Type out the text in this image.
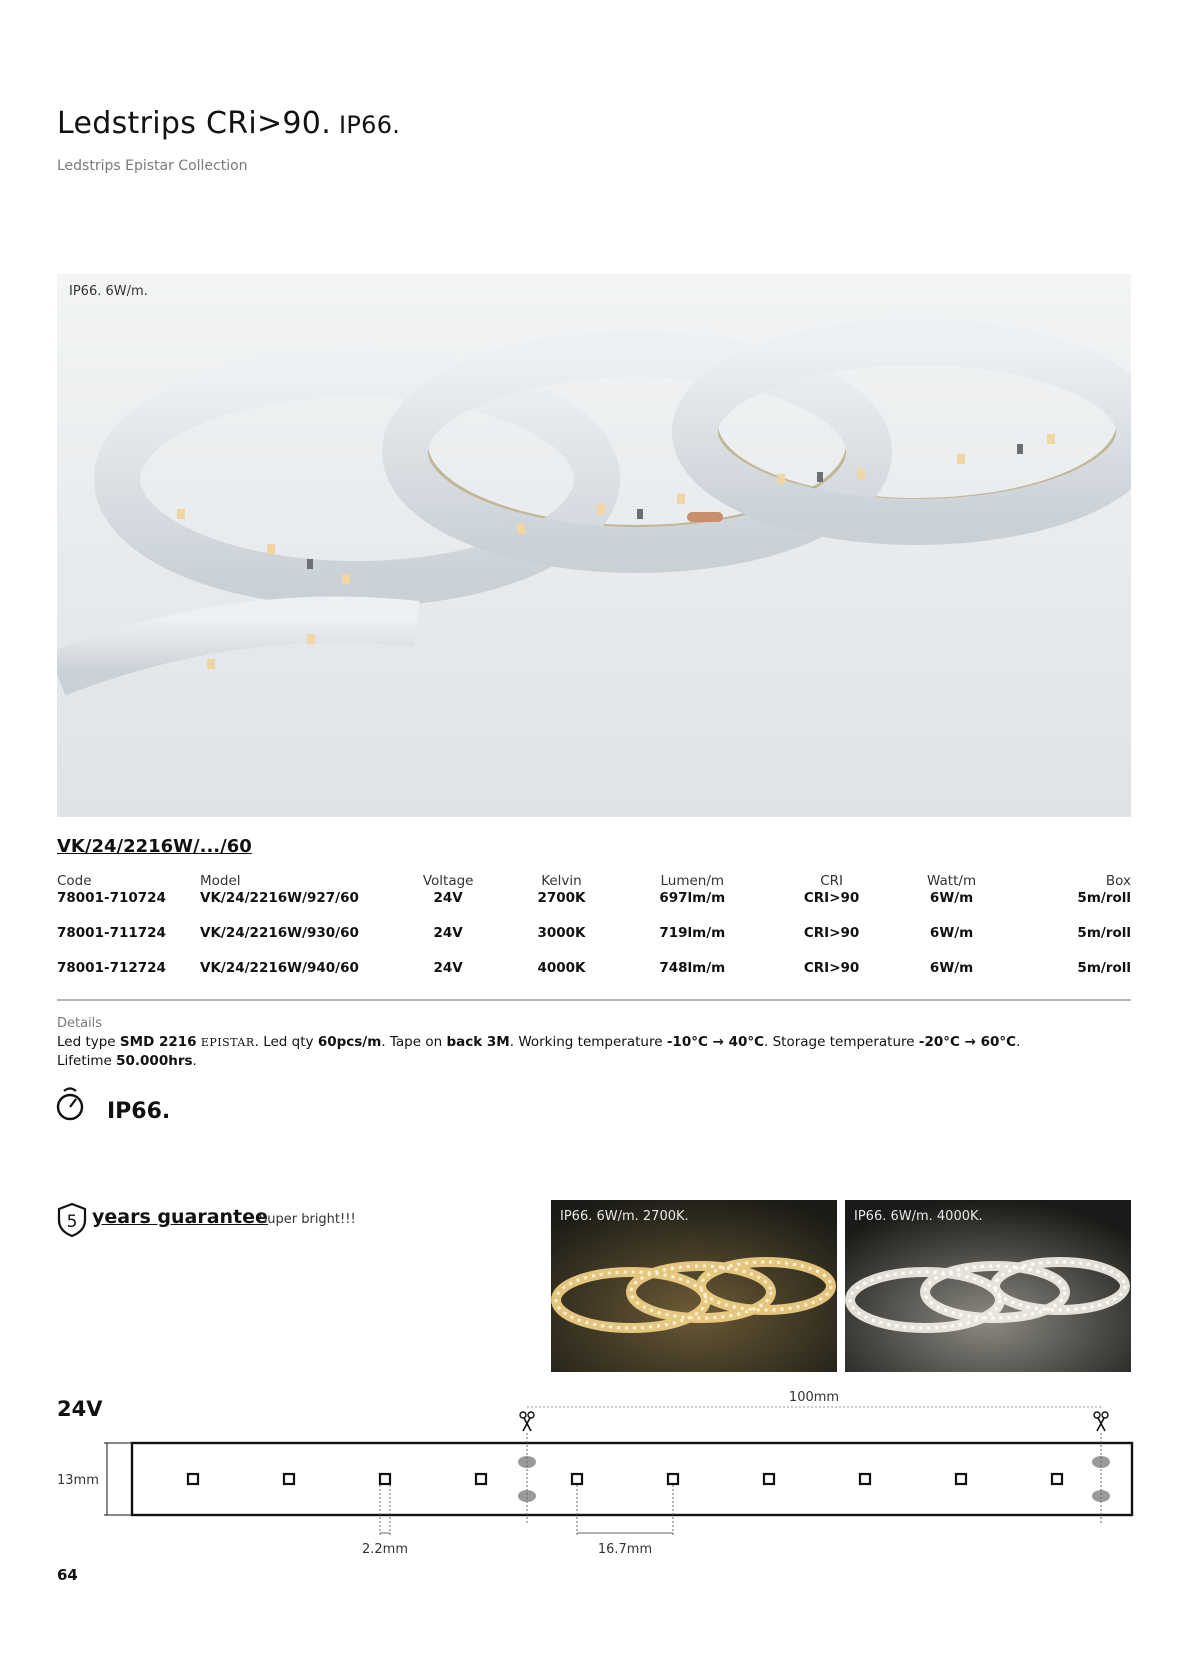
Ledstrips CRi>90. IP66.
Ledstrips Epistar Collection
IP66. 6W/m.
VK/24/2216W/.../60
Code	Model	Voltage	Kelvin	Lumen/m	CRI	Watt/m	Box
78001-710724	VK/24/2216W/927/60	24V	2700K	697lm/m	CRI>90	6W/m	5m/roll
78001-711724	VK/24/2216W/930/60	24V	3000K	719lm/m	CRI>90	6W/m	5m/roll
78001-712724	VK/24/2216W/940/60	24V	4000K	748lm/m	CRI>90	6W/m	5m/roll
Details
Led type SMD 2216 EPISTAR. Led qty 60pcs/m. Tape on back 3M. Working temperature -10°C → 40°C. Storage temperature -20°C → 60°C.
Lifetime 50.000hrs.
IP66.
5 years guarantee
Super bright!!!	IP66. 6W/m. 2700K.	IP66. 6W/m. 4000K.
24V	100mm
13mm
2.2mm	16.7mm
64
